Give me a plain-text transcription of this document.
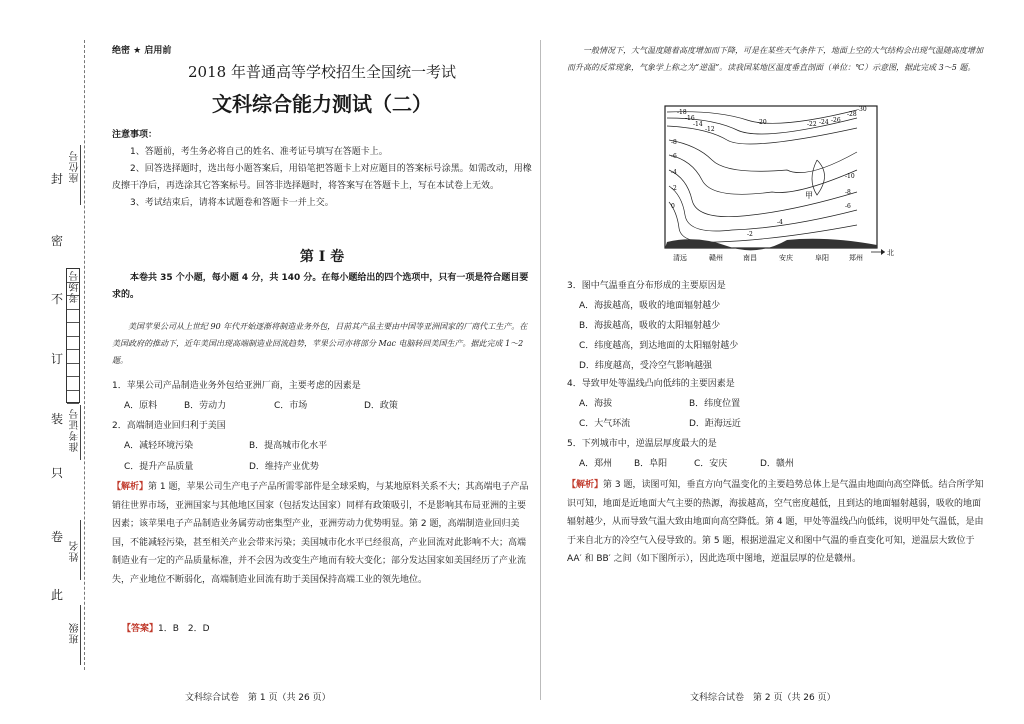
封
密
不
订
装
只
卷
此
座位号
考场号
准考证号
姓名
班级
绝密 ★ 启用前
2018 年普通高等学校招生全国统一考试
文科综合能力测试（二）
注意事项：

1、答题前，考生务必将自己的姓名、准考证号填写在答题卡上。

2、回答选择题时，选出每小题答案后，用铅笔把答题卡上对应题目的答案标号涂黑。如需改动，用橡皮擦干净后，再选涂其它答案标号。回答非选择题时，将答案写在答题卡上，写在本试卷上无效。

3、考试结束后，请将本试题卷和答题卡一并上交。

第 Ⅰ 卷
本卷共 35 个小题，每小题 4 分，共 140 分。在每小题给出的四个选项中，只有一项是符合题目要求的。
美国苹果公司从上世纪 90 年代开始逐渐将制造业务外包，目前其产品主要由中国等亚洲国家的厂商代工生产。在美国政府的推动下，近年美国出现高端制造业回流趋势，苹果公司亦将部分 Mac 电脑转回美国生产。据此完成 1～2 题。
1．苹果公司产品制造业务外包给亚洲厂商，主要考虑的因素是
A．原料	B．劳动力	C．市场	D．政策
2．高端制造业回归利于美国
A．减轻环境污染	B．提高城市化水平
C．提升产品质量	D．维持产业优势
【解析】第 1 题，苹果公司生产电子产品所需零部件是全球采购，与某地原料关系不大；其高端电子产品销往世界市场，亚洲国家与其他地区国家（包括发达国家）同样有政策吸引，不是影响其布局亚洲的主要因素；该苹果电子产品制造业务属劳动密集型产业，亚洲劳动力优势明显。第 2 题，高端制造业回归美国，不能减轻污染，甚至相关产业会带来污染；美国城市化水平已经很高，产业回流对此影响不大；高端制造业有一定的产品质量标准，并不会因为改变生产地而有较大变化；部分发达国家如美国经历了产业流失，产业地位不断弱化，高端制造业回流有助于美国保持高端工业的领先地位。
【答案】1．B　2．D
一般情况下，大气温度随着高度增加而下降，可是在某些天气条件下，地面上空的大气结构会出现气温随高度增加而升高的反常现象，气象学上称之为“逆温”。读我国某地区温度垂直剖面（单位：℃）示意图，据此完成 3～5 题。
-18
-16
-14
-12
-20	-22 -24 -26
-28
-30
-8
-6
-4
-2
0
-10
-8
-6
-4
-2
甲
清远	赣州	南昌	安庆	阜阳	郑州
北
3．图中气温垂直分布形成的主要原因是
A．海拔越高，吸收的地面辐射越少
B．海拔越高，吸收的太阳辐射越少
C．纬度越高，到达地面的太阳辐射越少
D．纬度越高，受冷空气影响越强
4．导致甲处等温线凸向低纬的主要因素是
A．海拔	B．纬度位置
C．大气环流	D．距海远近
5．下列城市中，逆温层厚度最大的是
A．郑州	B．阜阳	C．安庆	D．赣州
【解析】第 3 题，读图可知，垂直方向气温变化的主要趋势总体上是气温由地面向高空降低。结合所学知识可知，地面是近地面大气主要的热源，海拔越高，空气密度越低，且到达的地面辐射越弱，吸收的地面辐射越少，从而导致气温大致由地面向高空降低。第 4 题，甲处等温线凸向低纬，说明甲处气温低，是由于来自北方的冷空气入侵导致的。第 5 题，根据逆温定义和图中气温的垂直变化可知，逆温层大致位于 AA′ 和 BB′ 之间（如下图所示），因此选项中图地，逆温层厚的位是赣州。
文科综合试卷　第 1 页（共 26 页）	文科综合试卷　第 2 页（共 26 页）
